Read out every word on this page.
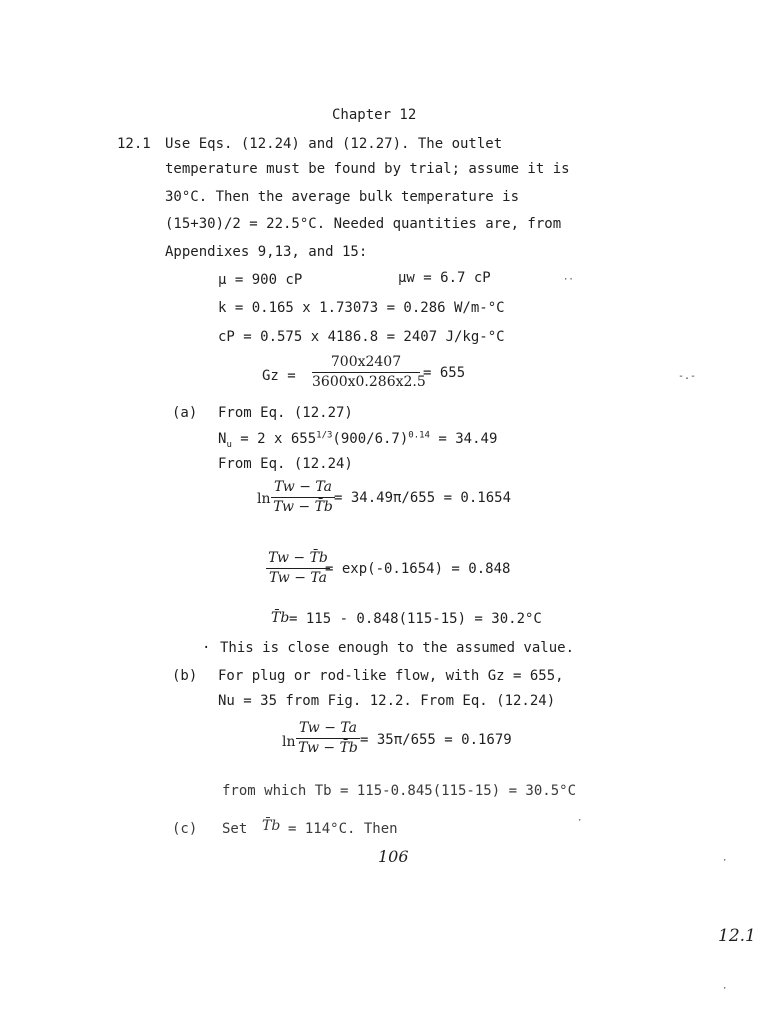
Chapter 12
12.1 Use Eqs. (12.24) and (12.27). The outlet
temperature must be found by trial; assume it is
30°C. Then the average bulk temperature is
(15+30)/2 = 22.5°C. Needed quantities are, from
Appendixes 9,13, and 15:
μ = 900 cP	μw = 6.7 cP
k = 0.165 x 1.73073 = 0.286 W/m-°C
cP = 0.575 x 4186.8 = 2407 J/kg-°C
Gz =
700x2407
3600x0.286x2.5
= 655	-.-
(a) From Eq. (12.27)
$N_u = 2$ x $655^{1/3}(900/6.7)^{0.14} = 34.49$
From Eq. (12.24)
ln
Tw − Ta
Tw − T̄b
= 34.49π/655 = 0.1654
Tw − T̄b
Tw − Ta
= exp(-0.1654) = 0.848
T̄b = 115 - 0.848(115-15) = 30.2°C
· This is close enough to the assumed value.
(b) For plug or rod-like flow, with Gz = 655,
Nu = 35 from Fig. 12.2. From Eq. (12.24)
ln
Tw − Ta
Tw − T̄b
= 35π/655 = 0.1679
from which Tb = 115-0.845(115-15) = 30.5°C
(c) Set T̄b = 114°C. Then
106
12.1
··
·
·
·
